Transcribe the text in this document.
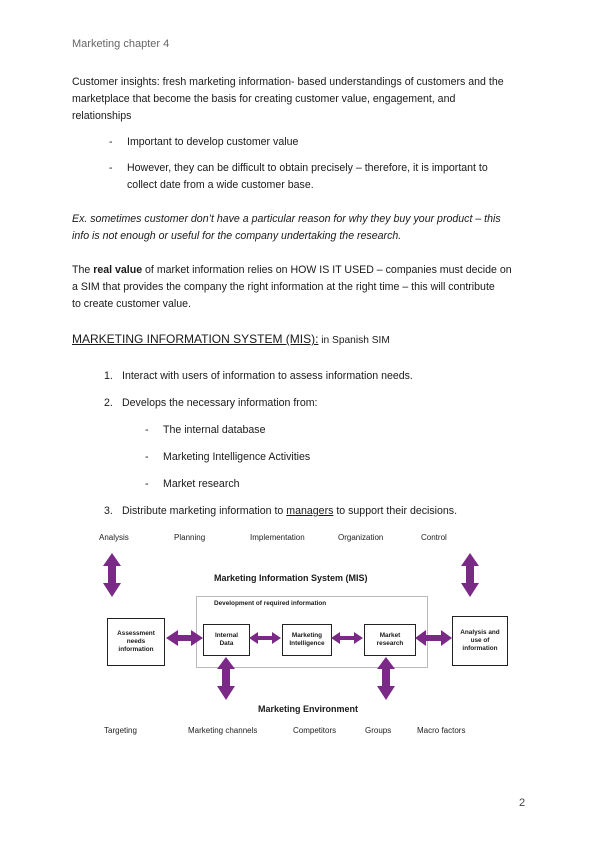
Marketing chapter 4
Customer insights: fresh marketing information- based understandings of customers and the
marketplace that become the basis for creating customer value, engagement, and
relationships
- Important to develop customer value
- However, they can be difficult to obtain precisely – therefore, it is important to
collect date from a wide customer base.
Ex. sometimes customer don’t have a particular reason for why they buy your product – this
info is not enough or useful for the company undertaking the research.
The real value of market information relies on HOW IS IT USED – companies must decide on
a SIM that provides the company the right information at the right time – this will contribute
to create customer value.
MARKETING INFORMATION SYSTEM (MIS): in Spanish SIM
1. Interact with users of information to assess information needs.
2. Develops the necessary information from:
- The internal database
- Marketing Intelligence Activities
- Market research
3. Distribute marketing information to managers to support their decisions.
Analysis	Planning	Implementation	Organization	Control
Marketing Information System (MIS)
Development of required information
Assessment
needs
information
Internal
Data
Marketing
Intelligence
Market
research
Analysis and
use of
information
Marketing Environment
Targeting	Marketing channels	Competitors	Groups	Macro factors
2
